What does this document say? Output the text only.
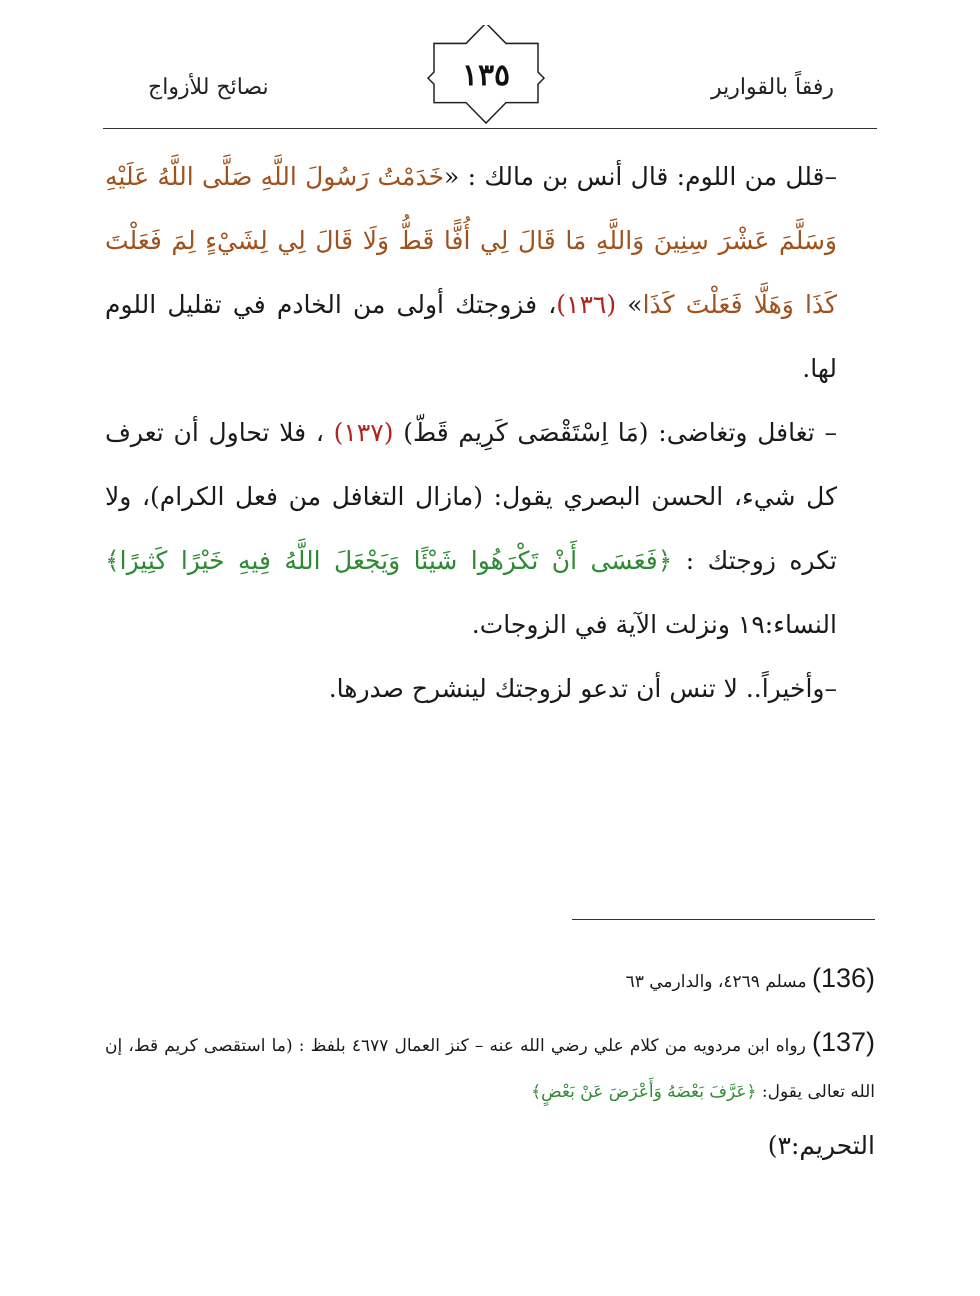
نصائح للأزواج	١٣٥	رفقاً بالقوارير

–قلل من اللوم: قال أنس بن مالك : «خَدَمْتُ رَسُولَ اللَّهِ صَلَّى اللَّهُ عَلَيْهِ وَسَلَّمَ عَشْرَ سِنِينَ وَاللَّهِ مَا قَالَ لِي أُفًّا قَطُّ وَلَا قَالَ لِي لِشَيْءٍ لِمَ فَعَلْتَ كَذَا وَهَلَّا فَعَلْتَ كَذَا» (١٣٦)، فزوجتك أولى من الخادم في تقليل اللوم لها.

– تغافل وتغاضى: (مَا اِسْتَقْصَى كَرِيم قَطّ) (١٣٧) ، فلا تحاول أن تعرف كل شيء، الحسن البصري يقول: (مازال التغافل من فعل الكرام)، ولا تكره زوجتك : ﴿فَعَسَى أَنْ تَكْرَهُوا شَيْئًا وَيَجْعَلَ اللَّهُ فِيهِ خَيْرًا كَثِيرًا﴾ النساء:١٩ ونزلت الآية في الزوجات.

–وأخيراً.. لا تنس أن تدعو لزوجتك لينشرح صدرها.

(136) مسلم ٤٢٦٩، والدارمي ٦٣

(137) رواه ابن مردويه من كلام علي رضي الله عنه – كنز العمال ٤٦٧٧ بلفظ : (ما استقصى كريم قط، إن الله تعالى يقول: ﴿عَرَّفَ بَعْضَهُ وَأَعْرَضَ عَنْ بَعْضٍ﴾

التحريم:٣)
